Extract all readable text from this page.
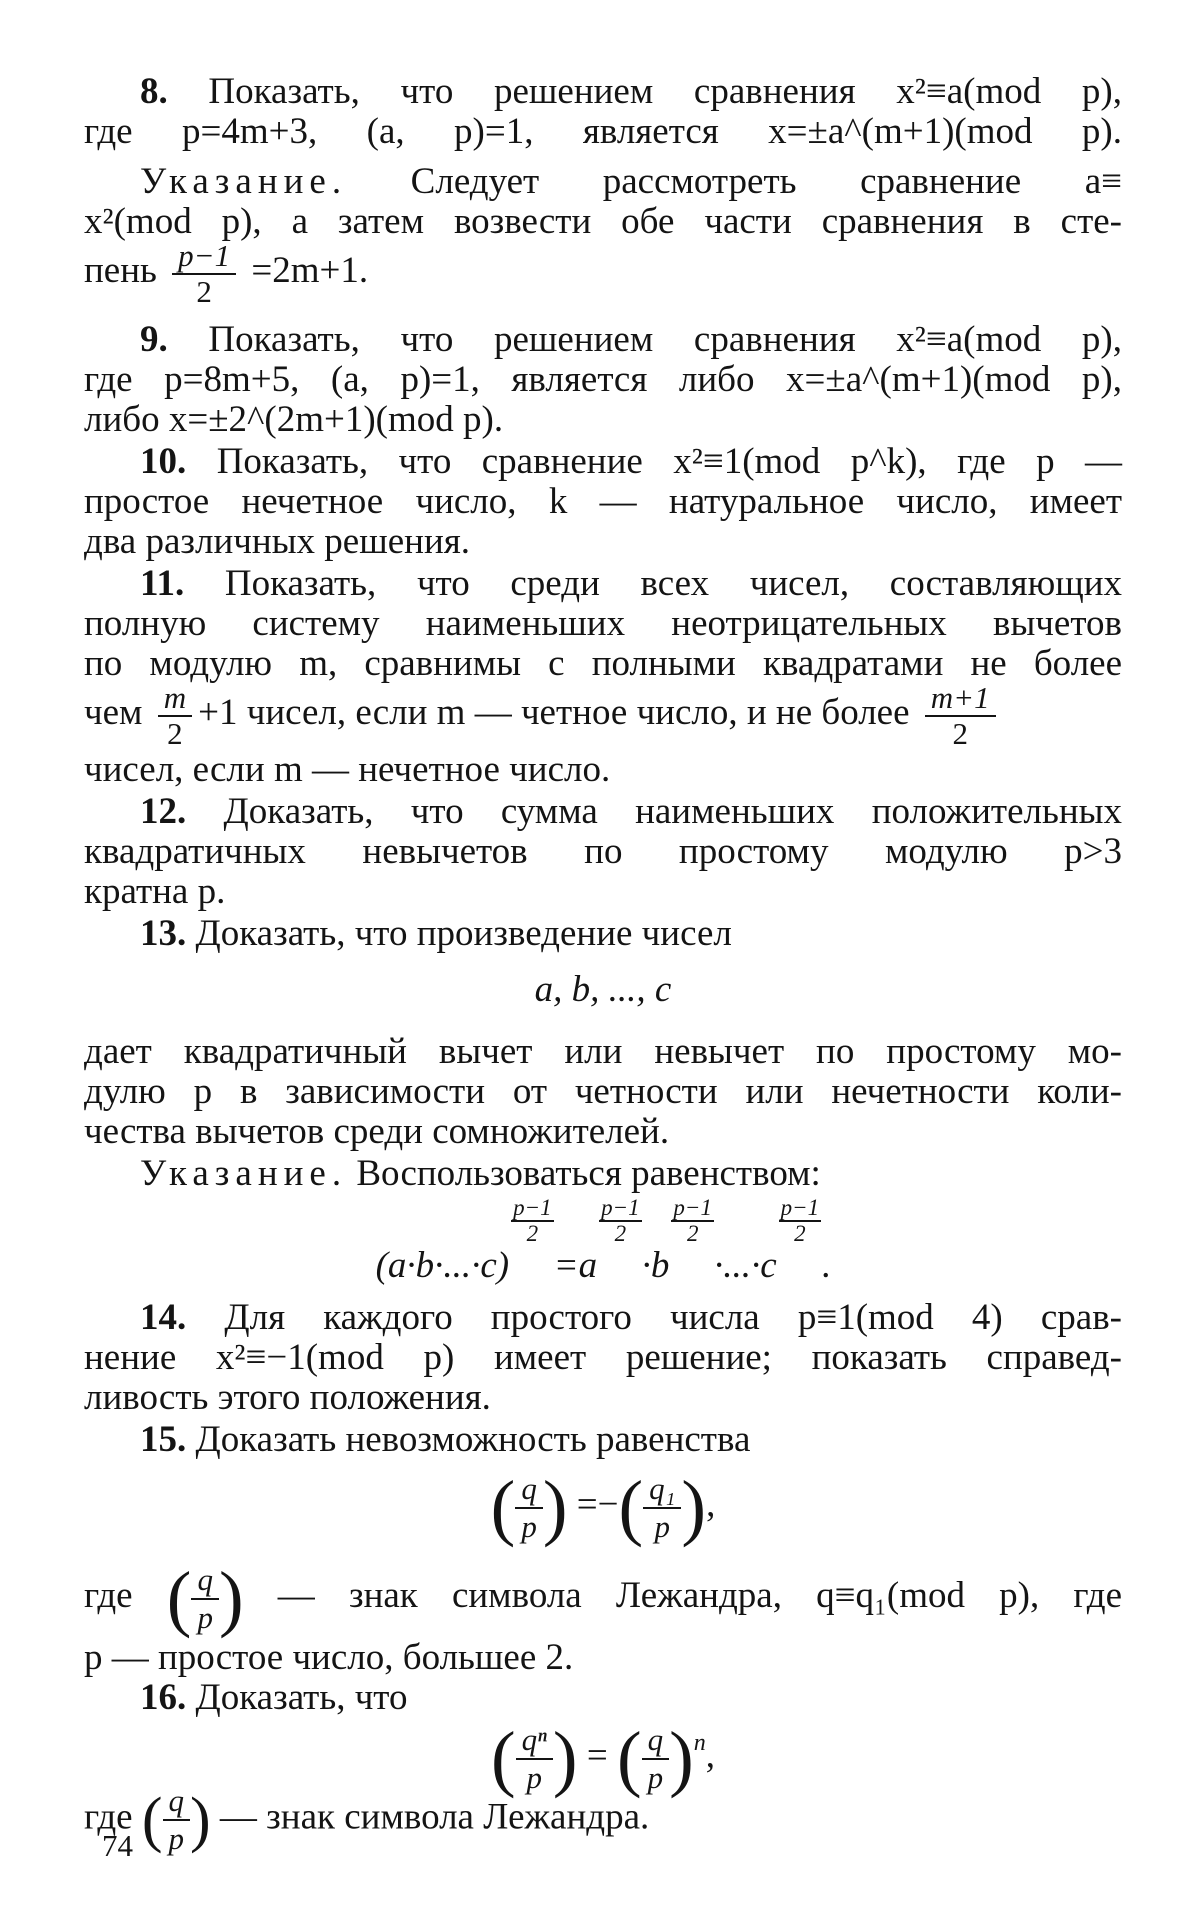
8. Показать, что решением сравнения x²≡a(mod p),
где p=4m+3, (a, p)=1, является x=±a^(m+1)(mod p).
Указание. Следует рассмотреть сравнение a≡
x²(mod p), а затем возвести обе части сравнения в сте-
пень $\frac{p-1}{2} =2m+1$.
9. Показать, что решением сравнения x²≡a(mod p),
где p=8m+5, (a, p)=1, является либо x=±a^(m+1)(mod p),
либо x=±2^(2m+1)(mod p).
10. Показать, что сравнение x²≡1(mod p^k), где p —
простое нечетное число, k — натуральное число, имеет
два различных решения.
11. Показать, что среди всех чисел, составляющих
полную систему наименьших неотрицательных вычетов
по модулю m, сравнимы с полными квадратами не более
чем $\frac{m}{2} +1$ чисел, если m — четное число, и не более $\frac{m+1}{2}$
чисел, если m — нечетное число.
12. Доказать, что сумма наименьших положительных
квадратичных невычетов по простому модулю p>3
кратна p.
13. Доказать, что произведение чисел
a, b, ..., c
дает квадратичный вычет или невычет по простому мо-
дулю p в зависимости от четности или нечетности коли-
чества вычетов среди сомножителей.
Указание. Воспользоваться равенством:
(a·b·...·c)
$\frac{p-1}{2}$
=a
$\frac{p-1}{2}$
·b
$\frac{p-1}{2}$
·...·c
$\frac{p-1}{2}$
.
14. Для каждого простого числа p≡1(mod 4) срав-
нение x²≡−1(mod p) имеет решение; показать справед-
ливость этого положения.
15. Доказать невозможность равенства
( $\frac{q}{p}$ ) =−( $\frac{\text{q₁}}{p}$ ),
где ( $\frac{q}{p}$ ) — знак символа Лежандра, q≡q₁(mod p), где
p — простое число, большее 2.
16. Доказать, что
( $\frac{\text{qⁿ}}{p}$ ) = ( $\frac{q}{p} )^n$,
где ( $\frac{q}{p}$ ) — знак символа Лежандра.
74
